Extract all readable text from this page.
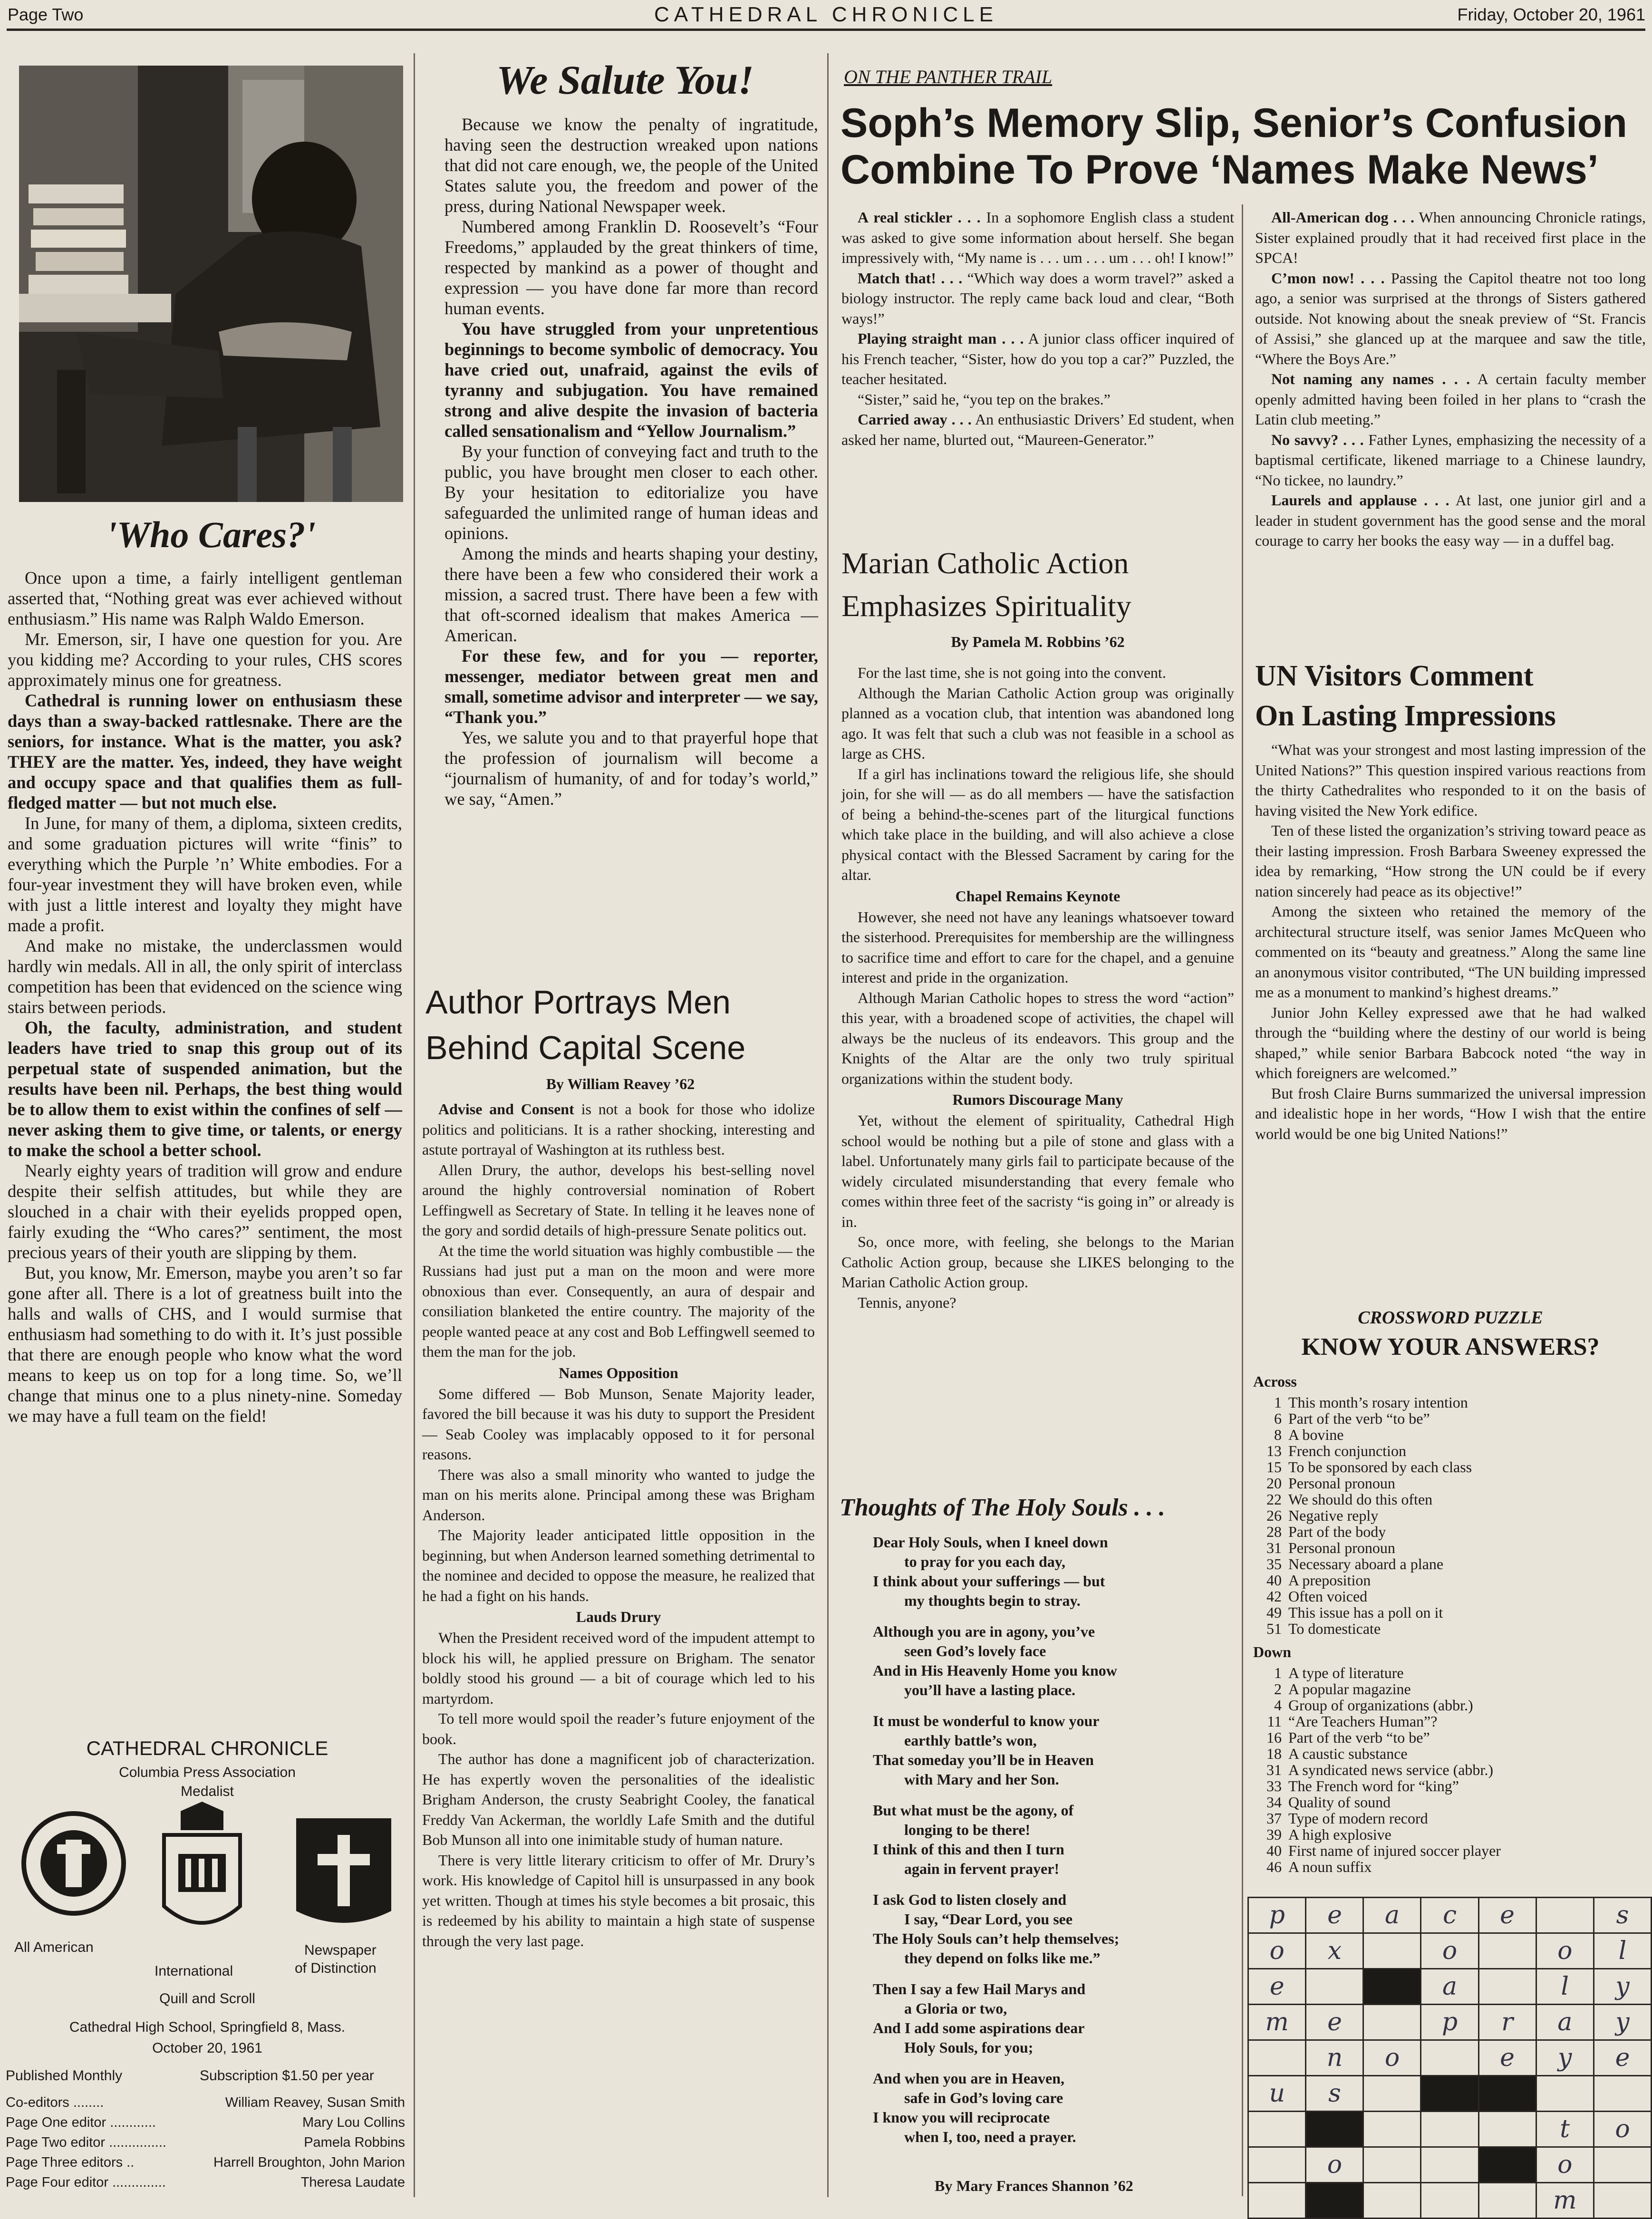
Page Two	CATHEDRAL CHRONICLE	Friday, October 20, 1961
'Who Cares?'

Once upon a time, a fairly intelligent gentleman asserted that, “Nothing great was ever achieved without enthusiasm.” His name was Ralph Waldo Emerson.

Mr. Emerson, sir, I have one question for you. Are you kidding me? According to your rules, CHS scores approximately minus one for greatness.

Cathedral is running lower on enthusiasm these days than a sway-backed rattlesnake. There are the seniors, for instance. What is the matter, you ask? THEY are the matter. Yes, indeed, they have weight and occupy space and that qualifies them as full-fledged matter — but not much else.

In June, for many of them, a diploma, sixteen credits, and some graduation pictures will write “finis” to everything which the Purple ’n’ White embodies. For a four-year investment they will have broken even, while with just a little interest and loyalty they might have made a profit.

And make no mistake, the underclassmen would hardly win medals. All in all, the only spirit of interclass competition has been that evidenced on the science wing stairs between periods.

Oh, the faculty, administration, and student leaders have tried to snap this group out of its perpetual state of suspended animation, but the results have been nil. Perhaps, the best thing would be to allow them to exist within the confines of self — never asking them to give time, or talents, or energy to make the school a better school.

Nearly eighty years of tradition will grow and endure despite their selfish attitudes, but while they are slouched in a chair with their eyelids propped open, fairly exuding the “Who cares?” sentiment, the most precious years of their youth are slipping by them.

But, you know, Mr. Emerson, maybe you aren’t so far gone after all. There is a lot of greatness built into the halls and walls of CHS, and I would surmise that enthusiasm had something to do with it. It’s just possible that there are enough people who know what the word means to keep us on top for a long time. So, we’ll change that minus one to a plus ninety-nine. Someday we may have a full team on the field!

CATHEDRAL CHRONICLE
Columbia Press Association
Medalist
All American
International
Newspaper
of Distinction
Quill and Scroll
Cathedral High School, Springfield 8, Mass.
October 20, 1961
Published Monthly	Subscription $1.50 per year
Co-editors ........	William Reavey, Susan Smith
Page One editor ............	Mary Lou Collins
Page Two editor ...............	Pamela Robbins
Page Three editors ..	Harrell Broughton, John Marion
Page Four editor ..............	Theresa Laudate
We Salute You!

Because we know the penalty of ingratitude, having seen the destruction wreaked upon nations that did not care enough, we, the people of the United States salute you, the freedom and power of the press, during National Newspaper week.

Numbered among Franklin D. Roosevelt’s “Four Freedoms,” applauded by the great thinkers of time, respected by mankind as a power of thought and expression — you have done far more than record human events.

You have struggled from your unpretentious beginnings to become symbolic of democracy. You have cried out, unafraid, against the evils of tyranny and subjugation. You have remained strong and alive despite the invasion of bacteria called sensationalism and “Yellow Journalism.”

By your function of conveying fact and truth to the public, you have brought men closer to each other. By your hesitation to editorialize you have safeguarded the unlimited range of human ideas and opinions.

Among the minds and hearts shaping your destiny, there have been a few who considered their work a mission, a sacred trust. There have been a few with that oft-scorned idealism that makes America — American.

For these few, and for you — reporter, messenger, mediator between great men and small, sometime advisor and interpreter — we say, “Thank you.”

Yes, we salute you and to that prayerful hope that the profession of journalism will become a “journalism of humanity, of and for today’s world,” we say, “Amen.”

Author Portrays Men
Behind Capital Scene
By William Reavey ’62

Advise and Consent is not a book for those who idolize politics and politicians. It is a rather shocking, interesting and astute portrayal of Washington at its ruthless best.

Allen Drury, the author, develops his best-selling novel around the highly controversial nomination of Robert Leffingwell as Secretary of State. In telling it he leaves none of the gory and sordid details of high-pressure Senate politics out.

At the time the world situation was highly combustible — the Russians had just put a man on the moon and were more obnoxious than ever. Consequently, an aura of despair and consiliation blanketed the entire country. The majority of the people wanted peace at any cost and Bob Leffingwell seemed to them the man for the job.

Names Opposition

Some differed — Bob Munson, Senate Majority leader, favored the bill because it was his duty to support the President — Seab Cooley was implacably opposed to it for personal reasons.

There was also a small minority who wanted to judge the man on his merits alone. Principal among these was Brigham Anderson.

The Majority leader anticipated little opposition in the beginning, but when Anderson learned something detrimental to the nominee and decided to oppose the measure, he realized that he had a fight on his hands.

Lauds Drury

When the President received word of the impudent attempt to block his will, he applied pressure on Brigham. The senator boldly stood his ground — a bit of courage which led to his martyrdom.

To tell more would spoil the reader’s future enjoyment of the book.

The author has done a magnificent job of characterization. He has expertly woven the personalities of the idealistic Brigham Anderson, the crusty Seabright Cooley, the fanatical Freddy Van Ackerman, the worldly Lafe Smith and the dutiful Bob Munson all into one inimitable study of human nature.

There is very little literary criticism to offer of Mr. Drury’s work. His knowledge of Capitol hill is unsurpassed in any book yet written. Though at times his style becomes a bit prosaic, this is redeemed by his ability to maintain a high state of suspense through the very last page.

ON THE PANTHER TRAIL
Soph’s Memory Slip, Senior’s Confusion
Combine To Prove ‘Names Make News’

A real stickler . . . In a sophomore English class a student was asked to give some information about herself. She began impressively with, “My name is . . . um . . . um . . . oh! I know!”

Match that! . . . “Which way does a worm travel?” asked a biology instructor. The reply came back loud and clear, “Both ways!”

Playing straight man . . . A junior class officer inquired of his French teacher, “Sister, how do you top a car?” Puzzled, the teacher hesitated.

“Sister,” said he, “you tep on the brakes.”

Carried away . . . An enthusiastic Drivers’ Ed student, when asked her name, blurted out, “Maureen-Generator.”

All-American dog . . . When announcing Chronicle ratings, Sister explained proudly that it had received first place in the SPCA!

C’mon now! . . . Passing the Capitol theatre not too long ago, a senior was surprised at the throngs of Sisters gathered outside. Not knowing about the sneak preview of “St. Francis of Assisi,” she glanced up at the marquee and saw the title, “Where the Boys Are.”

Not naming any names . . . A certain faculty member openly admitted having been foiled in her plans to “crash the Latin club meeting.”

No savvy? . . . Father Lynes, emphasizing the necessity of a baptismal certificate, likened marriage to a Chinese laundry, “No tickee, no laundry.”

Laurels and applause . . . At last, one junior girl and a leader in student government has the good sense and the moral courage to carry her books the easy way — in a duffel bag.

Marian Catholic Action
Emphasizes Spirituality
By Pamela M. Robbins ’62

For the last time, she is not going into the convent.

Although the Marian Catholic Action group was originally planned as a vocation club, that intention was abandoned long ago. It was felt that such a club was not feasible in a school as large as CHS.

If a girl has inclinations toward the religious life, she should join, for she will — as do all members — have the satisfaction of being a behind-the-scenes part of the liturgical functions which take place in the building, and will also achieve a close physical contact with the Blessed Sacrament by caring for the altar.

Chapel Remains Keynote

However, she need not have any leanings whatsoever toward the sisterhood. Prerequisites for membership are the willingness to sacrifice time and effort to care for the chapel, and a genuine interest and pride in the organization.

Although Marian Catholic hopes to stress the word “action” this year, with a broadened scope of activities, the chapel will always be the nucleus of its endeavors. This group and the Knights of the Altar are the only two truly spiritual organizations within the student body.

Rumors Discourage Many

Yet, without the element of spirituality, Cathedral High school would be nothing but a pile of stone and glass with a label. Unfortunately many girls fail to participate because of the widely circulated misunderstanding that every female who comes within three feet of the sacristy “is going in” or already is in.

So, once more, with feeling, she belongs to the Marian Catholic Action group, because she LIKES belonging to the Marian Catholic Action group.

Tennis, anyone?

Thoughts of The Holy Souls . . .

Dear Holy Souls, when I kneel down

to pray for you each day,

I think about your sufferings — but

my thoughts begin to stray.

Although you are in agony, you’ve

seen God’s lovely face

And in His Heavenly Home you know

you’ll have a lasting place.

It must be wonderful to know your

earthly battle’s won,

That someday you’ll be in Heaven

with Mary and her Son.

But what must be the agony, of

longing to be there!

I think of this and then I turn

again in fervent prayer!

I ask God to listen closely and

I say, “Dear Lord, you see

The Holy Souls can’t help themselves;

they depend on folks like me.”

Then I say a few Hail Marys and

a Gloria or two,

And I add some aspirations dear

Holy Souls, for you;

And when you are in Heaven,

safe in God’s loving care

I know you will reciprocate

when I, too, need a prayer.

By Mary Frances Shannon ’62
UN Visitors Comment
On Lasting Impressions

“What was your strongest and most lasting impression of the United Nations?” This question inspired various reactions from the thirty Cathedralites who responded to it on the basis of having visited the New York edifice.

Ten of these listed the organization’s striving toward peace as their lasting impression. Frosh Barbara Sweeney expressed the idea by remarking, “How strong the UN could be if every nation sincerely had peace as its objective!”

Among the sixteen who retained the memory of the architectural structure itself, was senior James McQueen who commented on its “beauty and greatness.” Along the same line an anonymous visitor contributed, “The UN building impressed me as a monument to mankind’s highest dreams.”

Junior John Kelley expressed awe that he had walked through the “building where the destiny of our world is being shaped,” while senior Barbara Babcock noted “the way in which foreigners are welcomed.”

But frosh Claire Burns summarized the universal impression and idealistic hope in her words, “How I wish that the entire world would be one big United Nations!”

CROSSWORD PUZZLE
KNOW YOUR ANSWERS?
Across
1 This month’s rosary intention
6 Part of the verb “to be”
8 A bovine
13 French conjunction
15 To be sponsored by each class
20 Personal pronoun
22 We should do this often
26 Negative reply
28 Part of the body
31 Personal pronoun
35 Necessary aboard a plane
40 A preposition
42 Often voiced
49 This issue has a poll on it
51 To domesticate
Down
1 A type of literature
2 A popular magazine
4 Group of organizations (abbr.)
11 “Are Teachers Human”?
16 Part of the verb “to be”
18 A caustic substance
31 A syndicated news service (abbr.)
33 The French word for “king”
34 Quality of sound
37 Type of modern record
39 A high explosive
40 First name of injured soccer player
46 A noun suffix
p	e	a	c	e		s
o	x		o		o	l
e			a		l	y
m	e		p	r	a	y
	n	o		e	y	e
u	s					
					t	o
	o				o	
					m	
